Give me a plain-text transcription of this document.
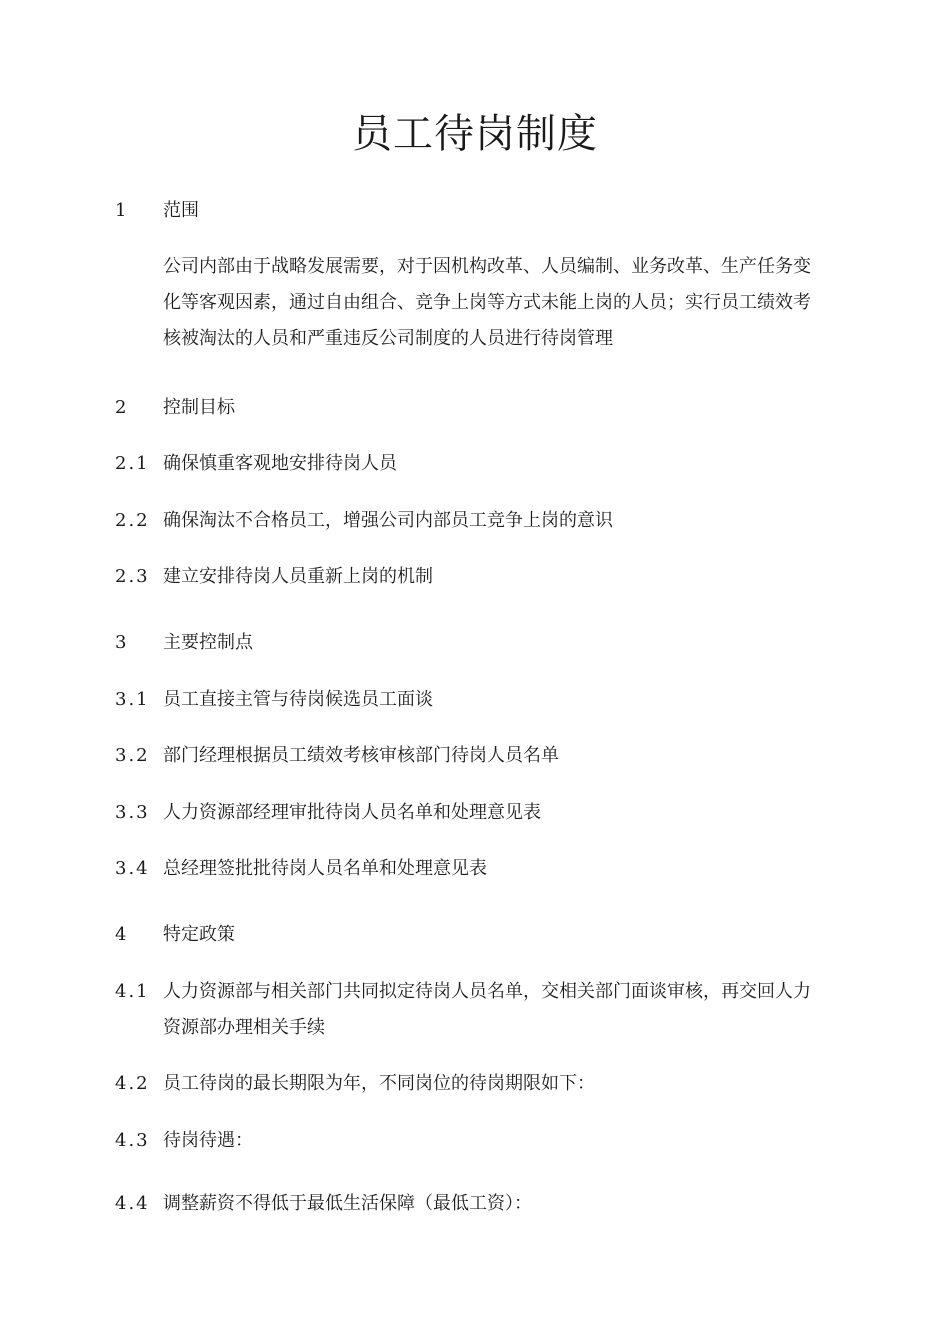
员工待岗制度
1 范围
公司内部由于战略发展需要，对于因机构改革、人员编制、业务改革、生产任务变
化等客观因素，通过自由组合、竞争上岗等方式未能上岗的人员；实行员工绩效考
核被淘汰的人员和严重违反公司制度的人员进行待岗管理
2 控制目标
2.1 确保慎重客观地安排待岗人员
2.2 确保淘汰不合格员工，增强公司内部员工竞争上岗的意识
2.3 建立安排待岗人员重新上岗的机制
3 主要控制点
3.1 员工直接主管与待岗候选员工面谈
3.2 部门经理根据员工绩效考核审核部门待岗人员名单
3.3 人力资源部经理审批待岗人员名单和处理意见表
3.4 总经理签批批待岗人员名单和处理意见表
4 特定政策
4.1 人力资源部与相关部门共同拟定待岗人员名单，交相关部门面谈审核，再交回人力
资源部办理相关手续
4.2 员工待岗的最长期限为年，不同岗位的待岗期限如下：
4.3 待岗待遇：
4.4 调整薪资不得低于最低生活保障（最低工资）：
